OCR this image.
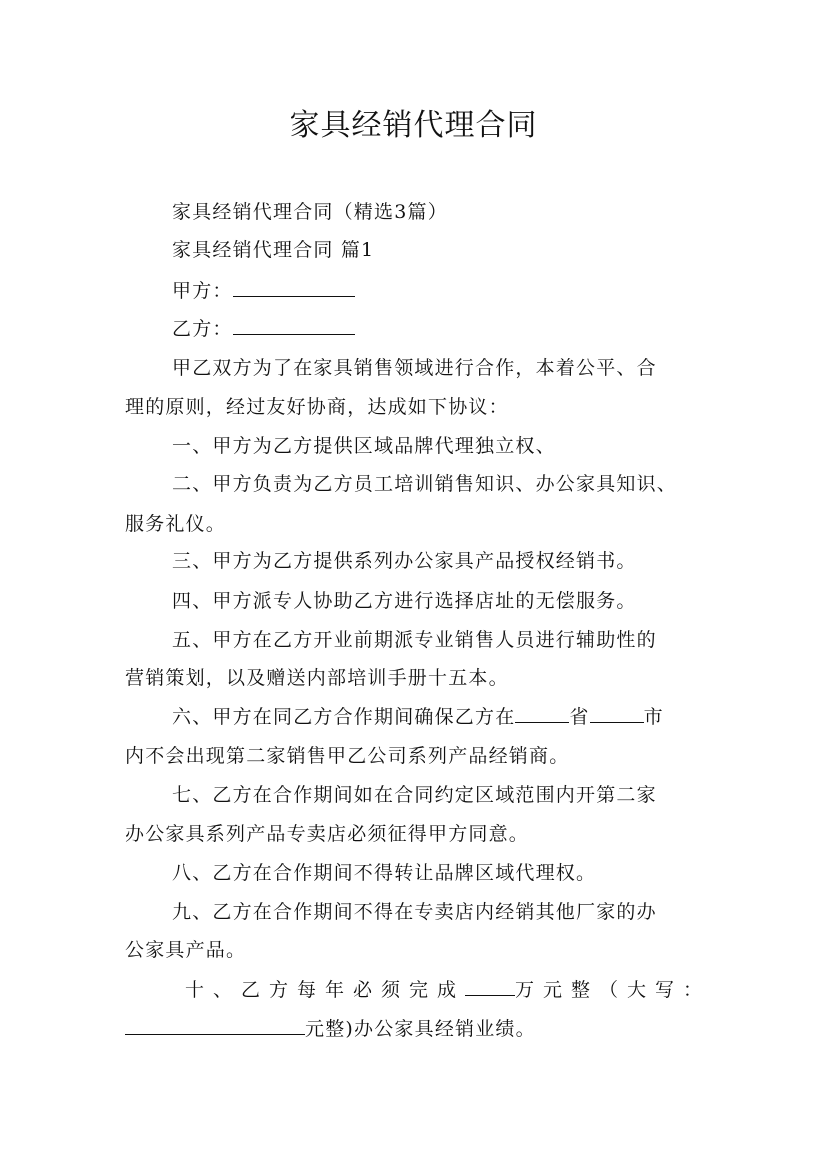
家具经销代理合同
家具经销代理合同（精选3篇）
家具经销代理合同 篇1
甲方：
乙方：
甲乙双方为了在家具销售领域进行合作，本着公平、合
理的原则，经过友好协商，达成如下协议：
一、甲方为乙方提供区域品牌代理独立权、
二、甲方负责为乙方员工培训销售知识、办公家具知识、
服务礼仪。
三、甲方为乙方提供系列办公家具产品授权经销书。
四、甲方派专人协助乙方进行选择店址的无偿服务。
五、甲方在乙方开业前期派专业销售人员进行辅助性的
营销策划，以及赠送内部培训手册十五本。
六、甲方在同乙方合作期间确保乙方在	省	市
内不会出现第二家销售甲乙公司系列产品经销商。
七、乙方在合作期间如在合同约定区域范围内开第二家
办公家具系列产品专卖店必须征得甲方同意。
八、乙方在合作期间不得转让品牌区域代理权。
九、乙方在合作期间不得在专卖店内经销其他厂家的办
公家具产品。
十、乙方每年必须完成	万元整（大写：
元整)办公家具经销业绩。
